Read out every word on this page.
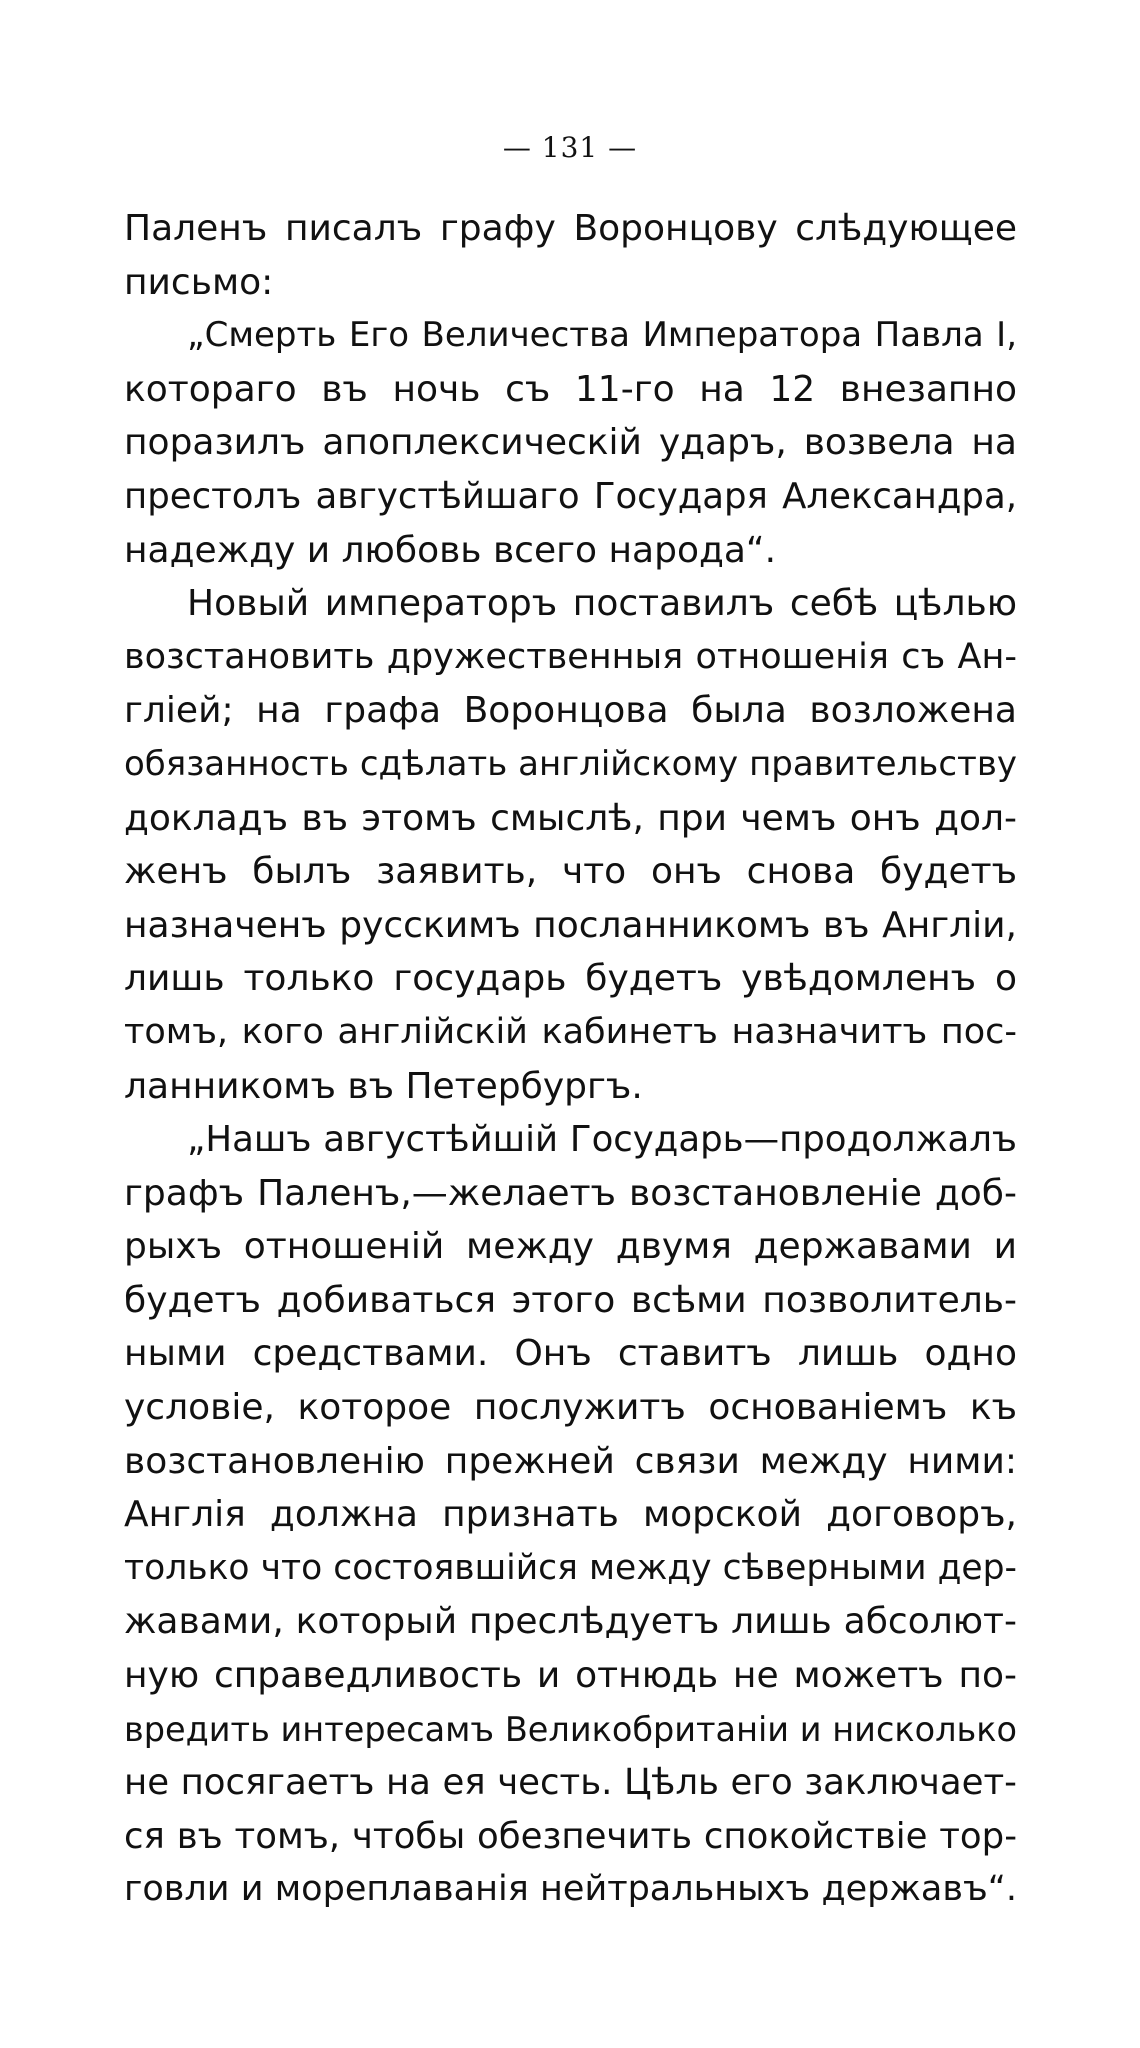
— 131 —
Паленъ писалъ графу Воронцову слѣдующее
письмо:
„Смерть Его Величества Императора Павла I,
котораго въ ночь съ 11-го на 12 внезапно
поразилъ апоплексическій ударъ, возвела на
престолъ августѣйшаго Государя Александра,
надежду и любовь всего народа“.
Новый императоръ поставилъ себѣ цѣлью
возстановить дружественныя отношенія съ Ан-
гліей; на графа Воронцова была возложена
обязанность сдѣлать англійскому правительству
докладъ въ этомъ смыслѣ, при чемъ онъ дол-
женъ былъ заявить, что онъ снова будетъ
назначенъ русскимъ посланникомъ въ Англіи,
лишь только государь будетъ увѣдомленъ о
томъ, кого англійскій кабинетъ назначитъ пос-
ланникомъ въ Петербургъ.
„Нашъ августѣйшій Государь—продолжалъ
графъ Паленъ,—желаетъ возстановленіе доб-
рыхъ отношеній между двумя державами и
будетъ добиваться этого всѣми позволитель-
ными средствами. Онъ ставитъ лишь одно
условіе, которое послужитъ основаніемъ къ
возстановленію прежней связи между ними:
Англія должна признать морской договоръ,
только что состоявшійся между сѣверными дер-
жавами, который преслѣдуетъ лишь абсолют-
ную справедливость и отнюдь не можетъ по-
вредить интересамъ Великобританіи и нисколько
не посягаетъ на ея честь. Цѣль его заключает-
ся въ томъ, чтобы обезпечить спокойствіе тор-
говли и мореплаванія нейтральныхъ державъ“.
